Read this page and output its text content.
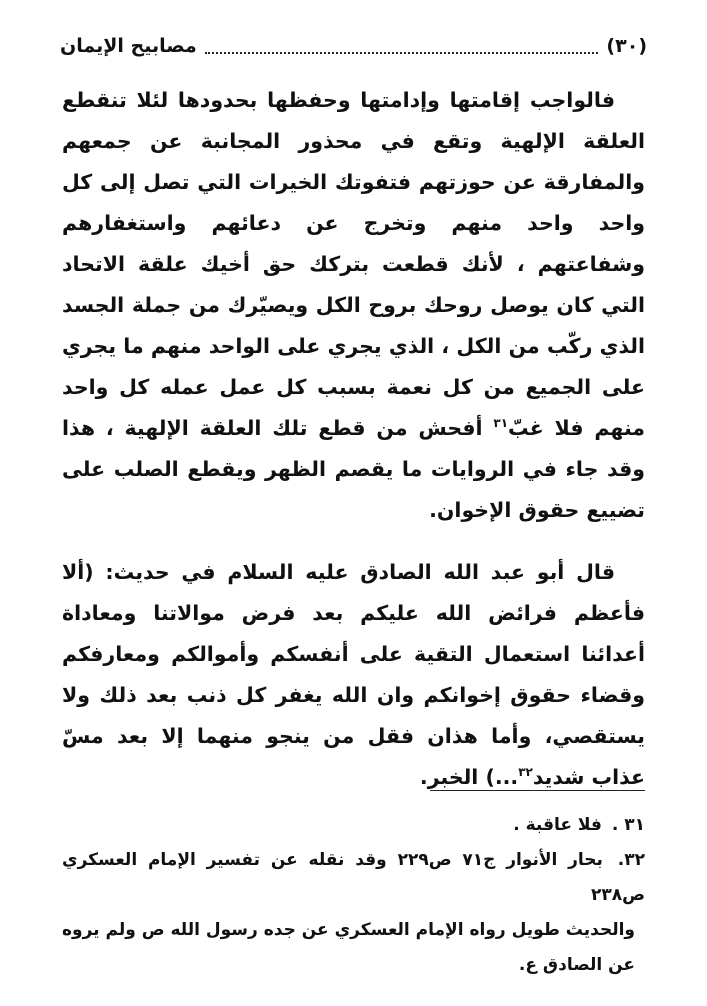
(٣٠)
مصابيح الإيمان

فالواجب إقامتها وإدامتها وحفظها بحدودها لئلا تنقطع العلقة الإلهية وتقع في محذور المجانبة عن جمعهم والمفارقة عن حوزتهم فتفوتك الخيرات التي تصل إلى كل واحد واحد منهم وتخرج عن دعائهم واستغفارهم وشفاعتهم ، لأنك قطعت بتركك حق أخيك علقة الاتحاد التي كان يوصل روحك بروح الكل ويصيّرك من جملة الجسد الذي ركّب من الكل ، الذي يجري على الواحد منهم ما يجري على الجميع من كل نعمة بسبب كل عمل عمله كل واحد منهم فلا غبّ$^{٣١}$ أفحش من قطع تلك العلقة الإلهية ، هذا وقد جاء في الروايات ما يقصم الظهر ويقطع الصلب على تضييع حقوق الإخوان.

قال أبو عبد الله الصادق عليه السلام في حديث: (ألا فأعظم فرائض الله عليكم بعد فرض موالاتنا ومعاداة أعدائنا استعمال التقية على أنفسكم وأموالكم ومعارفكم وقضاء حقوق إخوانكم وان الله يغفر كل ذنب بعد ذلك ولا يستقصي، وأما هذان فقل من ينجو منهما إلا بعد مسّ عذاب شديد$^{٣٢}$...) الخبر.

٣١ . فلا عاقبة .

٣٢. بحار الأنوار ج٧١ ص٢٢٩ وقد نقله عن تفسير الإمام العسكري ص٢٣٨
والحديث طويل رواه الإمام العسكري عن جده رسول الله ص ولم يروه عن الصادق ع.
